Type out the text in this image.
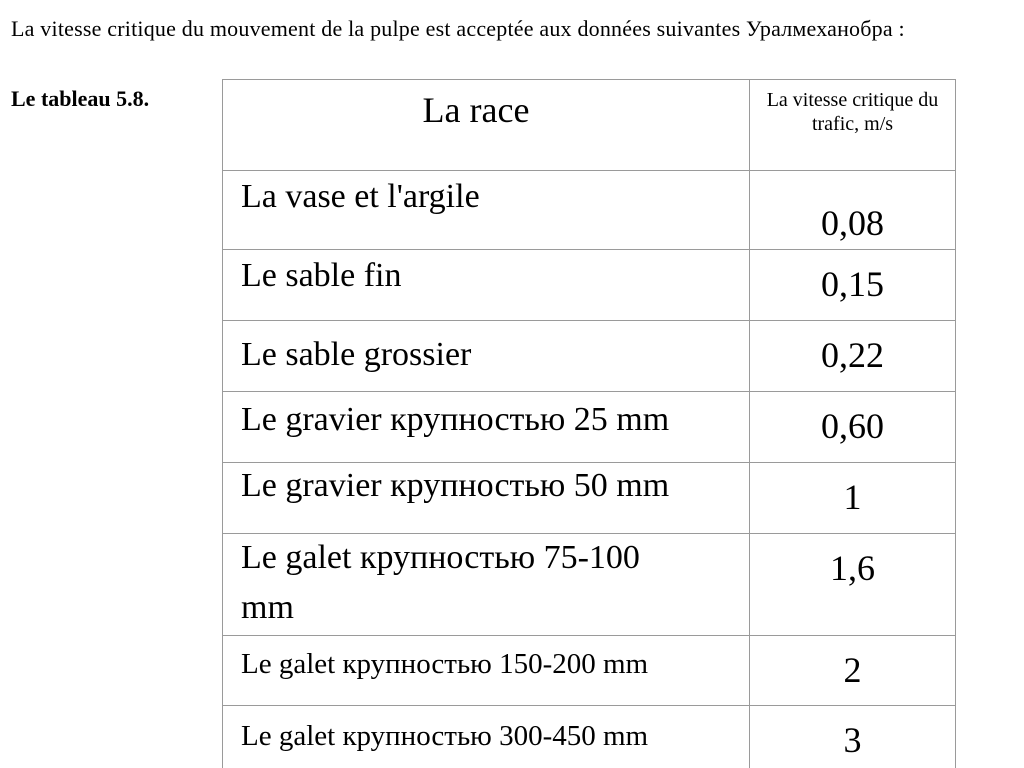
La vitesse critique du mouvement de la pulpe est acceptée aux données suivantes Уралмеханобра :
Le tableau 5.8.	La race	La vitesse critique du trafic, m/s

La vase et l'argile	0,08

Le sable fin	0,15

Le sable grossier	0,22

Le gravier крупностью 25 mm	0,60

Le gravier крупностью 50 mm	1

Le galet крупностью 75-100 mm	1,6

Le galet крупностью 150-200 mm	2

Le galet крупностью 300-450 mm	3
